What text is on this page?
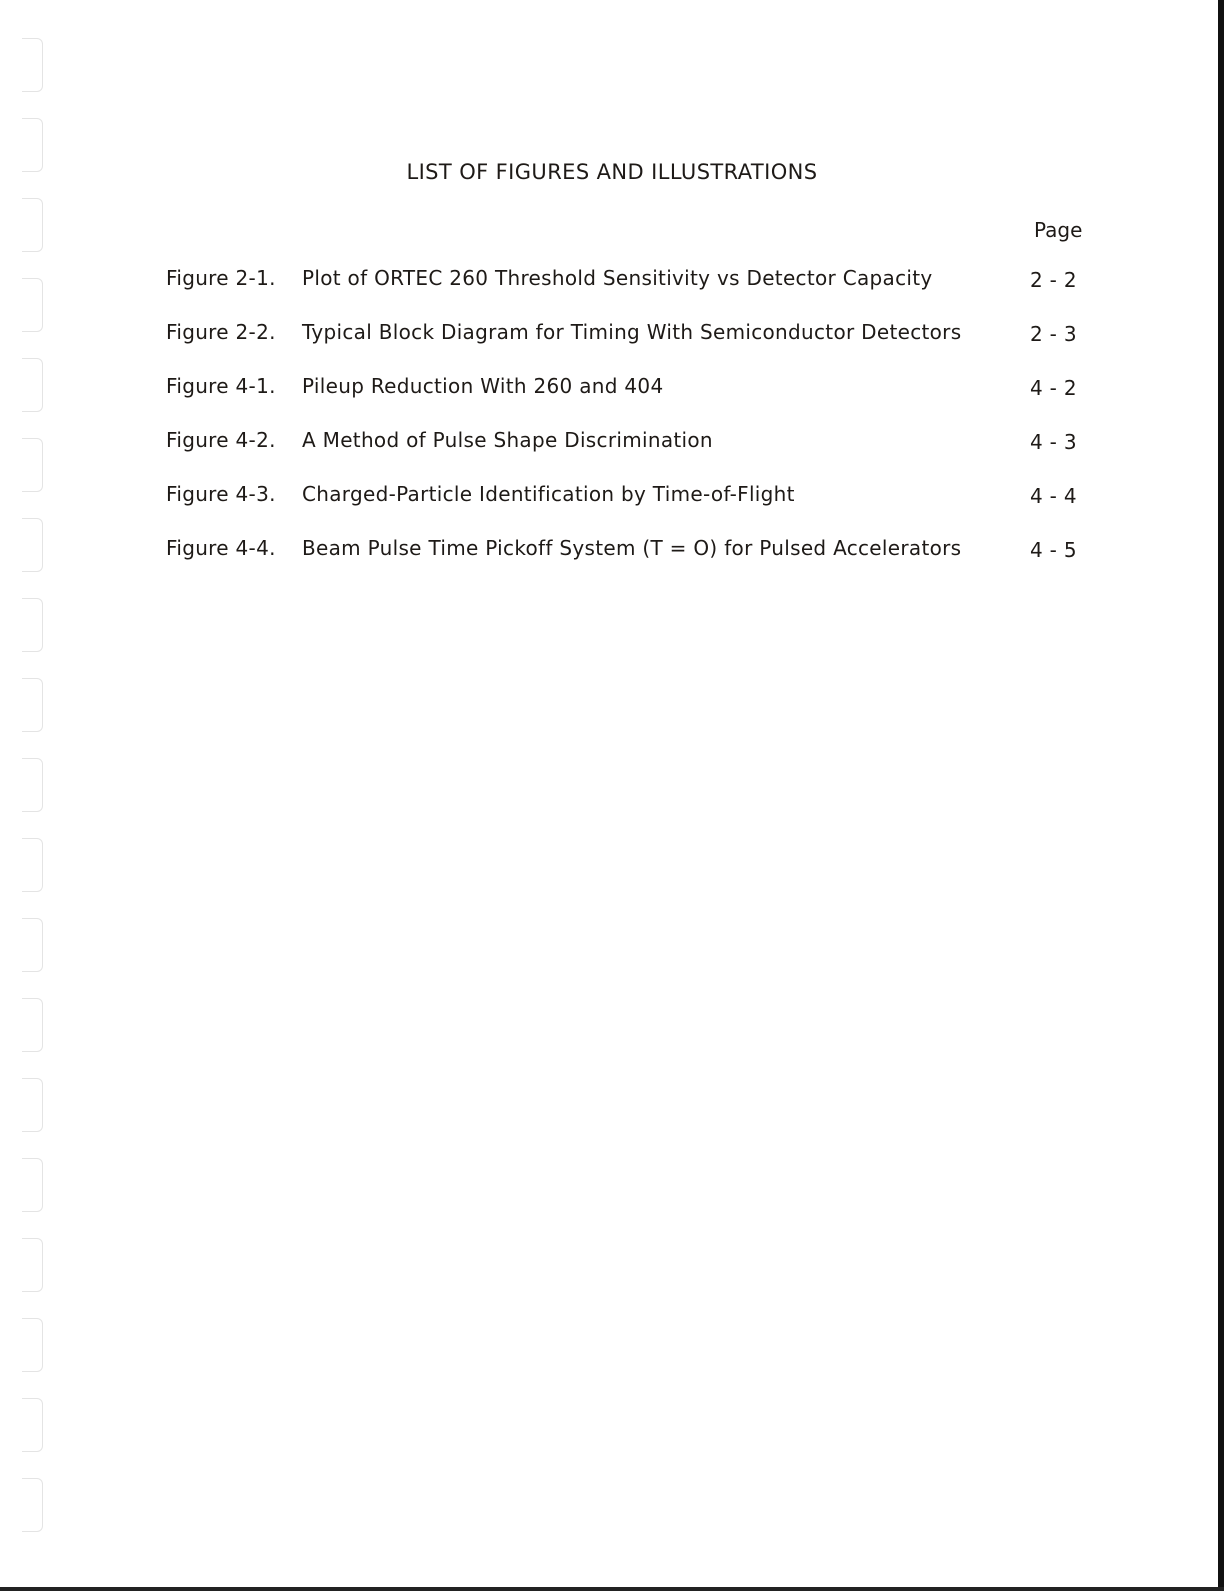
LIST OF FIGURES AND ILLUSTRATIONS
Page
Figure 2-1. Plot of ORTEC 260 Threshold Sensitivity vs Detector Capacity	2 - 2
Figure 2-2. Typical Block Diagram for Timing With Semiconductor Detectors	2 - 3
Figure 4-1. Pileup Reduction With 260 and 404	4 - 2
Figure 4-2. A Method of Pulse Shape Discrimination	4 - 3
Figure 4-3. Charged-Particle Identification by Time-of-Flight	4 - 4
Figure 4-4. Beam Pulse Time Pickoff System (T = O) for Pulsed Accelerators	4 - 5
